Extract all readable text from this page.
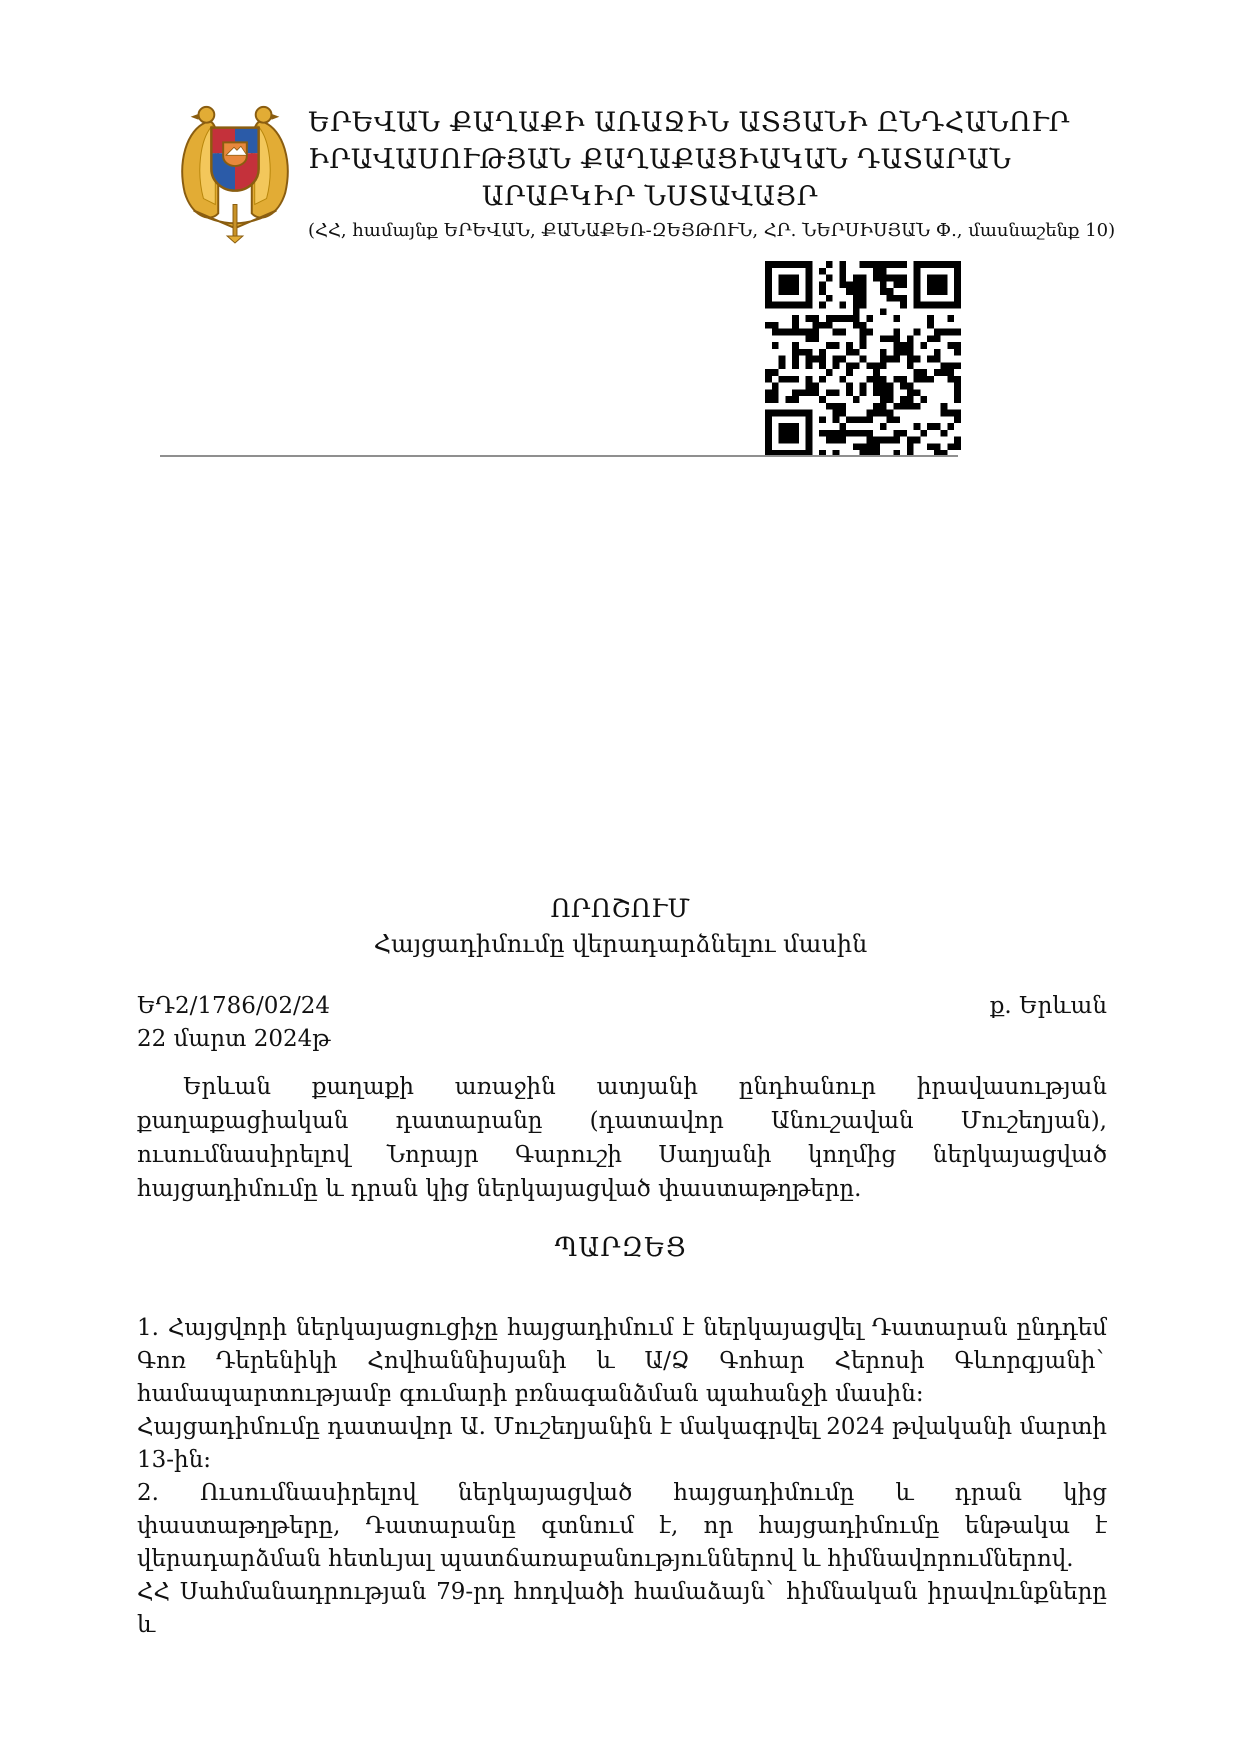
ԵՐԵՎԱՆ ՔԱՂԱՔԻ ԱՌԱՋԻՆ ԱՏՅԱՆԻ ԸՆԴՀԱՆՈՒՐ
ԻՐԱՎԱՍՈՒԹՅԱՆ ՔԱՂԱՔԱՑԻԱԿԱՆ ԴԱՏԱՐԱՆ
ԱՐԱԲԿԻՐ ՆՍՏԱՎԱՅՐ
(ՀՀ, համայնք ԵՐԵՎԱՆ, ՔԱՆԱՔԵՌ-ԶԵՅԹՈՒՆ, ՀՐ. ՆԵՐՍԻՍՅԱՆ Փ., մասնաշենք 10)
ՈՐՈՇՈՒՄ
Հայցադիմումը վերադարձնելու մասին
ԵԴ2/1786/02/24
22 մարտ 2024թ
ք. Երևան

Երևան քաղաքի առաջին ատյանի ընդհանուր իրավասության քաղաքացիական դատարանը (դատավոր Անուշավան Մուշեղյան), ուսումնասիրելով Նորայր Գարուշի Սաղյանի կողմից ներկայացված հայցադիմումը և դրան կից ներկայացված փաստաթղթերը.

ՊԱՐԶԵՑ

1. Հայցվորի ներկայացուցիչը հայցադիմում է ներկայացվել Դատարան ընդդեմ Գոռ Դերենիկի Հովհաննիսյանի և Ա/Ձ Գոհար Հերոսի Գևորգյանի` համապարտությամբ գումարի բռնագանձման պահանջի մասին:

Հայցադիմումը դատավոր Ա. Մուշեղյանին է մակագրվել 2024 թվականի մարտի 13-ին:

2. Ուսումնասիրելով ներկայացված հայցադիմումը և դրան կից փաստաթղթերը, Դատարանը գտնում է, որ հայցադիմումը ենթակա է վերադարձման հետևյալ պատճառաբանություններով և հիմնավորումներով.

ՀՀ Սահմանադրության 79-րդ հոդվածի համաձայն` հիմնական իրավունքները և
